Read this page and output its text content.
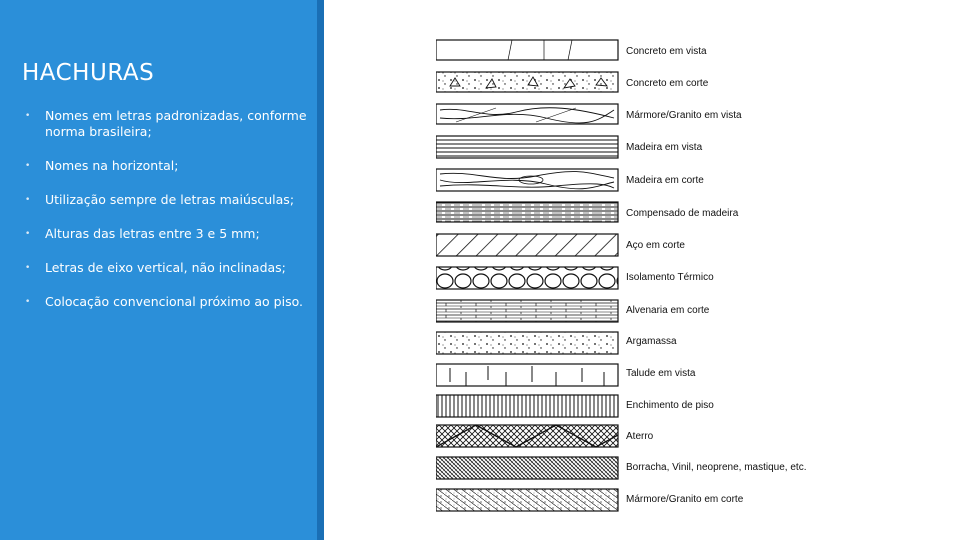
HACHURAS
• Nomes em letras padronizadas, conforme norma brasileira;
• Nomes na horizontal;
• Utilização sempre de letras maiúsculas;
• Alturas das letras entre 3 e 5 mm;
• Letras de eixo vertical, não inclinadas;
• Colocação convencional próximo ao piso.
Concreto em vista
Concreto em corte
Mármore/Granito em vista
Madeira em vista
Madeira em corte
Compensado de madeira
Aço em corte
Isolamento Térmico
Alvenaria em corte
Argamassa
Talude em vista
Enchimento de piso
Aterro
Borracha, Vinil, neoprene, mastique, etc.
Mármore/Granito em corte
